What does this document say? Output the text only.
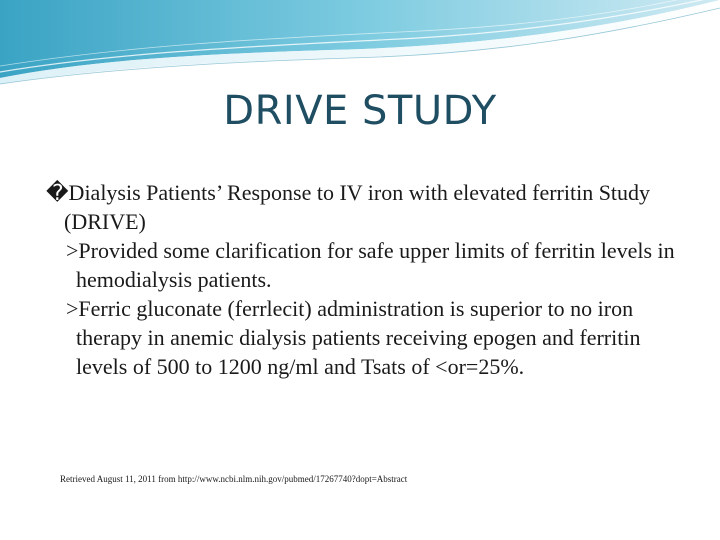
DRIVE STUDY
�Dialysis Patients’ Response to IV iron with elevated ferritin Study (DRIVE)
>Provided some clarification for safe upper limits of ferritin levels in hemodialysis patients.
>Ferric gluconate (ferrlecit) administration is superior to no iron therapy in anemic dialysis patients receiving epogen and ferritin levels of 500 to 1200 ng/ml and Tsats of <or=25%.
Retrieved August 11, 2011 from http://www.ncbi.nlm.nih.gov/pubmed/17267740?dopt=Abstract
